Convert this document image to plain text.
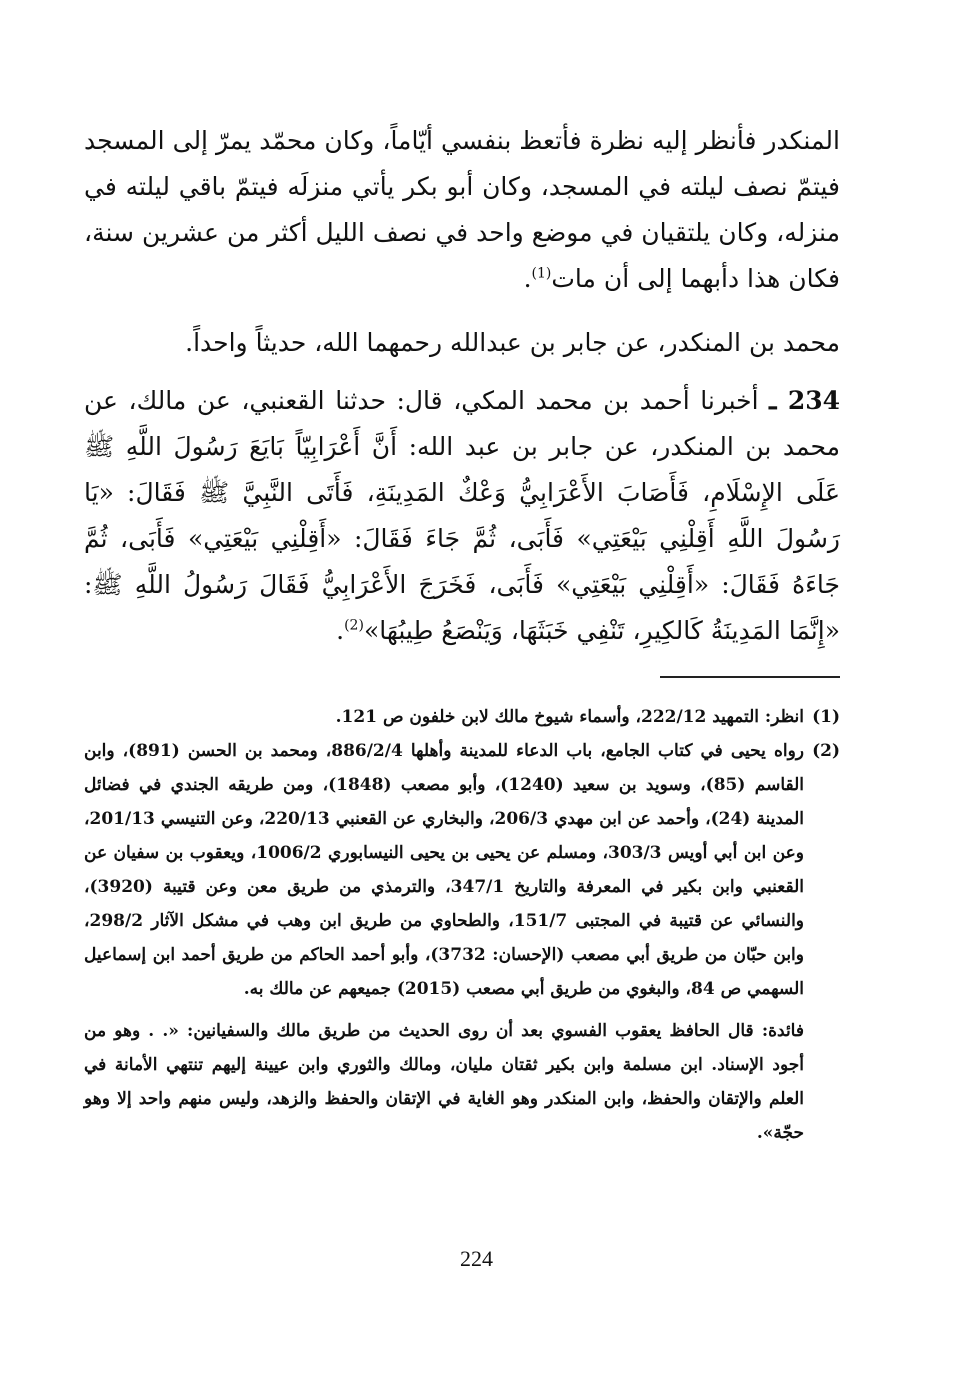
المنكدر فأنظر إليه نظرة فأتعظ بنفسي أيّاماً، وكان محمّد يمرّ إلى المسجد فيتمّ نصف ليلته في المسجد، وكان أبو بكر يأتي منزلَه فيتمّ باقي ليلته في منزله، وكان يلتقيان في موضع واحد في نصف الليل أكثر من عشرين سنة، فكان هذا دأبهما إلى أن مات$^{(1)}$.

محمد بن المنكدر، عن جابر بن عبدالله رحمهما الله، حديثاً واحداً.

234 ـ أخبرنا أحمد بن محمد المكي، قال: حدثنا القعنبي، عن مالك، عن محمد بن المنكدر، عن جابر بن عبد الله: أَنَّ أَعْرَابِيّاً بَايَعَ رَسُولَ اللَّهِ ﷺ عَلَى الإِسْلَامِ، فَأَصَابَ الأَعْرَابِيُّ وَعْكٌ المَدِينَةِ، فَأَتَى النَّبِيَّ ﷺ فَقَالَ: «يَا رَسُولَ اللَّهِ أَقِلْنِي بَيْعَتِي» فَأَبَى، ثُمَّ جَاءَ فَقَالَ: «أَقِلْنِي بَيْعَتِي» فَأَبَى، ثُمَّ جَاءَهُ فَقَالَ: «أَقِلْنِي بَيْعَتِي» فَأَبَى، فَخَرَجَ الأَعْرَابِيُّ فَقَالَ رَسُولُ اللَّهِ ﷺ: «إِنَّمَا المَدِينَةُ كَالكِيرِ، تَنْفِي خَبَثَهَا، وَيَنْصَعُ طِيبُهَا»$^{(2)}$.

(1)
انظر: التمهيد 222/12، وأسماء شيوخ مالك لابن خلفون ص 121.
(2)
رواه يحيى في كتاب الجامع، باب الدعاء للمدينة وأهلها 886/2/4، ومحمد بن الحسن (891)، وابن القاسم (85)، وسويد بن سعيد (1240)، وأبو مصعب (1848)، ومن طريقه الجندي في فضائل المدينة (24)، وأحمد عن ابن مهدي 206/3، والبخاري عن القعنبي 220/13، وعن التنيسي 201/13، وعن ابن أبي أويس 303/3، ومسلم عن يحيى بن يحيى النيسابوري 1006/2، ويعقوب بن سفيان عن القعنبي وابن بكير في المعرفة والتاريخ 347/1، والترمذي من طريق معن وعن قتيبة (3920)، والنسائي عن قتيبة في المجتبى 151/7، والطحاوي من طريق ابن وهب في مشكل الآثار 298/2، وابن حبّان من طريق أبي مصعب (الإحسان: 3732)، وأبو أحمد الحاكم من طريق أحمد ابن إسماعيل السهمي ص 84، والبغوي من طريق أبي مصعب (2015) جميعهم عن مالك به.
فائدة: قال الحافظ يعقوب الفسوي بعد أن روى الحديث من طريق مالك والسفيانين: «. . وهو من أجود الإسناد. ابن مسلمة وابن بكير ثقتان مليان، ومالك والثوري وابن عيينة إليهم تنتهي الأمانة في العلم والإتقان والحفظ، وابن المنكدر وهو الغاية في الإتقان والحفظ والزهد، وليس منهم واحد إلا وهو حجّة».
224
